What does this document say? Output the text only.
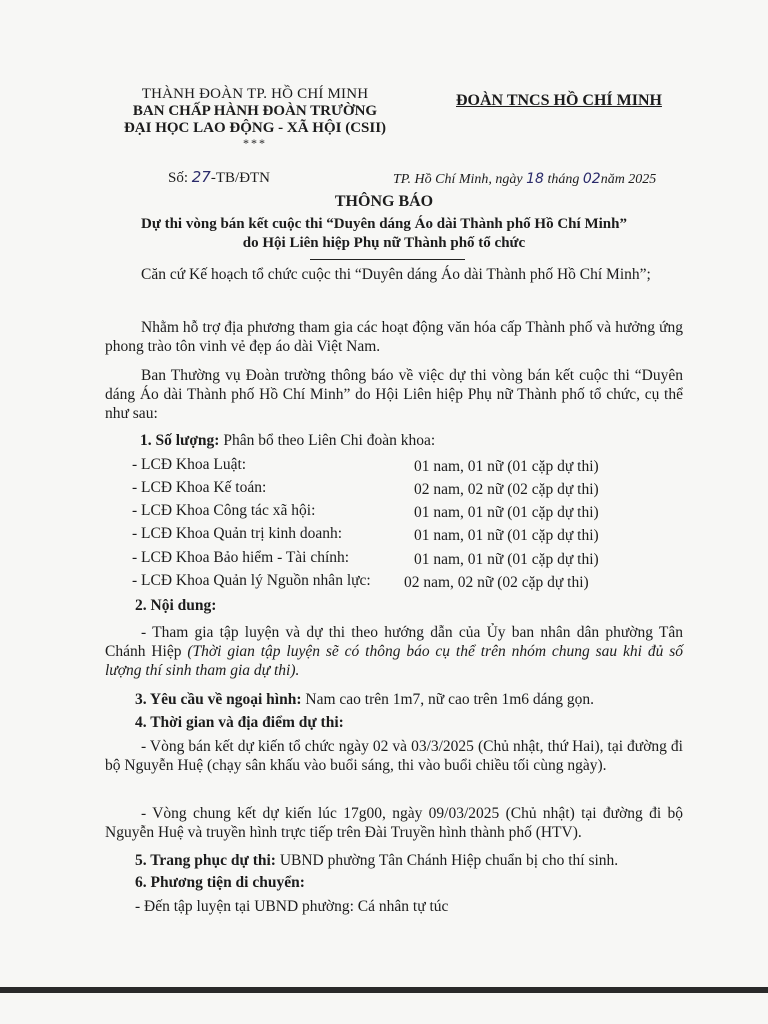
THÀNH ĐOÀN TP. HỒ CHÍ MINH
BAN CHẤP HÀNH ĐOÀN TRƯỜNG
ĐẠI HỌC LAO ĐỘNG - XÃ HỘI (CSII)
***
ĐOÀN TNCS HỒ CHÍ MINH
Số: 27-TB/ĐTN	TP. Hồ Chí Minh, ngày 18 tháng 02năm 2025
THÔNG BÁO
Dự thi vòng bán kết cuộc thi “Duyên dáng Áo dài Thành phố Hồ Chí Minh”
do Hội Liên hiệp Phụ nữ Thành phố tổ chức
Căn cứ Kế hoạch tổ chức cuộc thi “Duyên dáng Áo dài Thành phố Hồ Chí Minh”;
Nhằm hỗ trợ địa phương tham gia các hoạt động văn hóa cấp Thành phố và hưởng ứng phong trào tôn vinh vẻ đẹp áo dài Việt Nam.
Ban Thường vụ Đoàn trường thông báo về việc dự thi vòng bán kết cuộc thi “Duyên dáng Áo dài Thành phố Hồ Chí Minh” do Hội Liên hiệp Phụ nữ Thành phố tổ chức, cụ thể như sau:
1. Số lượng: Phân bổ theo Liên Chi đoàn khoa:
- LCĐ Khoa Luật:	01 nam, 01 nữ (01 cặp dự thi)
- LCĐ Khoa Kế toán:	02 nam, 02 nữ (02 cặp dự thi)
- LCĐ Khoa Công tác xã hội:	01 nam, 01 nữ (01 cặp dự thi)
- LCĐ Khoa Quản trị kinh doanh:	01 nam, 01 nữ (01 cặp dự thi)
- LCĐ Khoa Bảo hiểm - Tài chính:	01 nam, 01 nữ (01 cặp dự thi)
- LCĐ Khoa Quản lý Nguồn nhân lực: 02 nam, 02 nữ (02 cặp dự thi)
2. Nội dung:
- Tham gia tập luyện và dự thi theo hướng dẫn của Ủy ban nhân dân phường Tân Chánh Hiệp (Thời gian tập luyện sẽ có thông báo cụ thể trên nhóm chung sau khi đủ số lượng thí sinh tham gia dự thi).
3. Yêu cầu về ngoại hình: Nam cao trên 1m7, nữ cao trên 1m6 dáng gọn.
4. Thời gian và địa điểm dự thi:
- Vòng bán kết dự kiến tổ chức ngày 02 và 03/3/2025 (Chủ nhật, thứ Hai), tại đường đi bộ Nguyễn Huệ (chạy sân khấu vào buổi sáng, thi vào buổi chiều tối cùng ngày).
- Vòng chung kết dự kiến lúc 17g00, ngày 09/03/2025 (Chủ nhật) tại đường đi bộ Nguyễn Huệ và truyền hình trực tiếp trên Đài Truyền hình thành phố (HTV).
5. Trang phục dự thi: UBND phường Tân Chánh Hiệp chuẩn bị cho thí sinh.
6. Phương tiện di chuyển:
- Đến tập luyện tại UBND phường: Cá nhân tự túc
